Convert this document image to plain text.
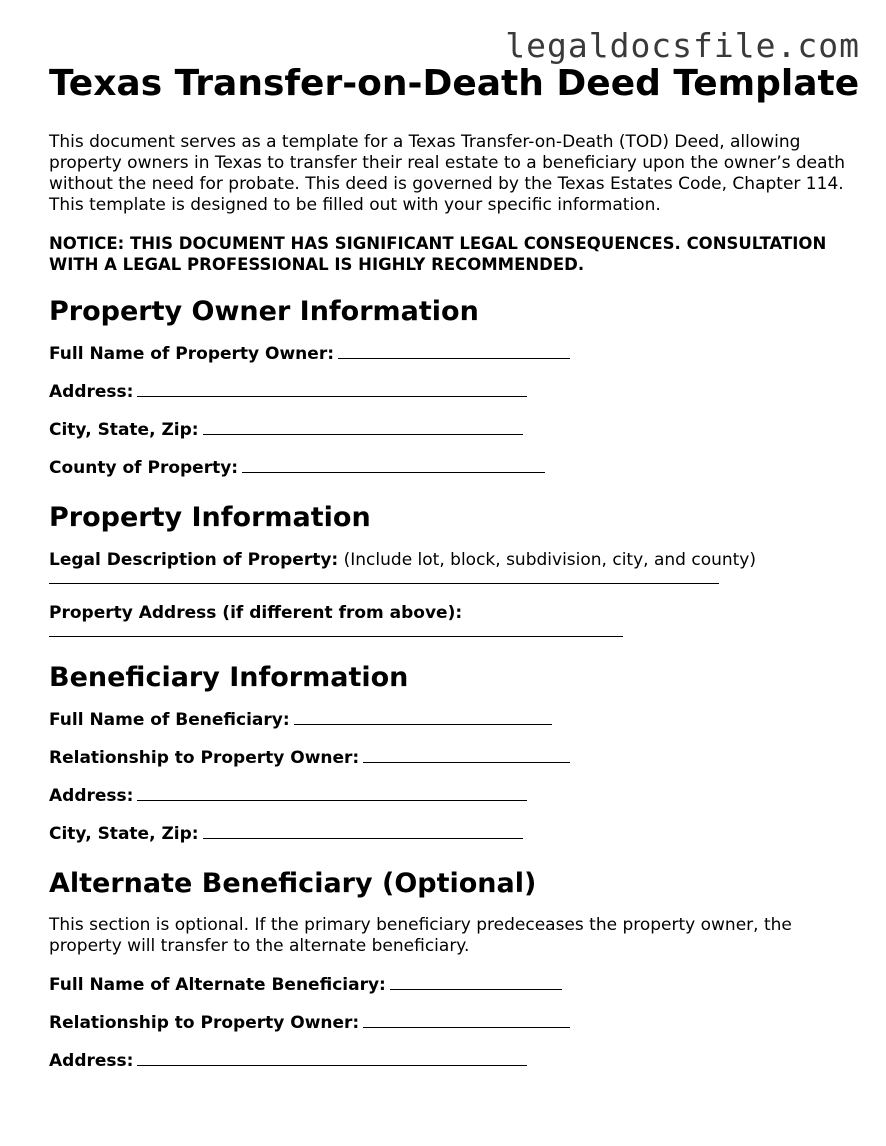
legaldocsfile.com
Texas Transfer-on-Death Deed Template

This document serves as a template for a Texas Transfer-on-Death (TOD) Deed, allowing property owners in Texas to transfer their real estate to a beneficiary upon the owner’s death without the need for probate. This deed is governed by the Texas Estates Code, Chapter 114. This template is designed to be filled out with your specific information.

NOTICE: THIS DOCUMENT HAS SIGNIFICANT LEGAL CONSEQUENCES. CONSULTATION WITH A LEGAL PROFESSIONAL IS HIGHLY RECOMMENDED.

Property Owner Information
Full Name of Property Owner:
Address:
City, State, Zip:
County of Property:
Property Information
Legal Description of Property: (Include lot, block, subdivision, city, and county)
Property Address (if different from above):
Beneficiary Information
Full Name of Beneficiary:
Relationship to Property Owner:
Address:
City, State, Zip:
Alternate Beneficiary (Optional)

This section is optional. If the primary beneficiary predeceases the property owner, the property will transfer to the alternate beneficiary.

Full Name of Alternate Beneficiary:
Relationship to Property Owner:
Address:
